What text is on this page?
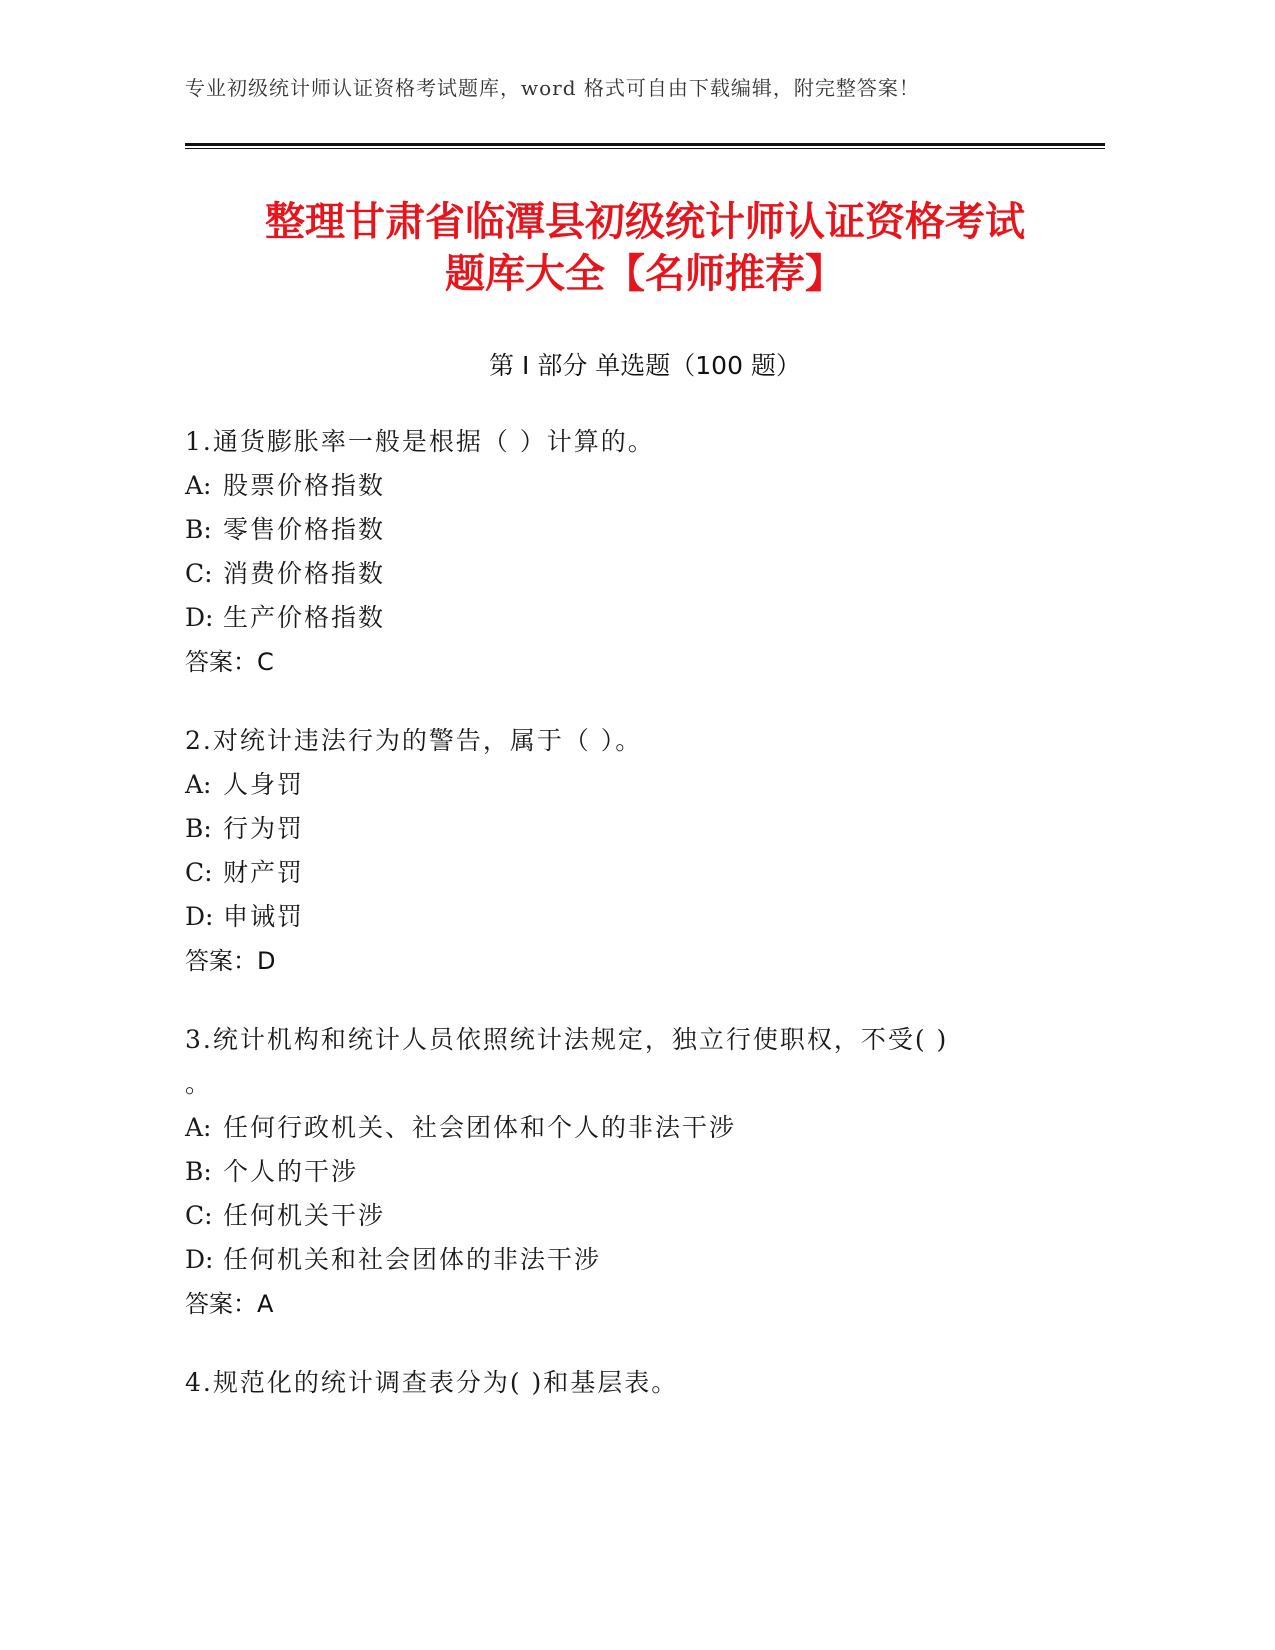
专业初级统计师认证资格考试题库，word 格式可自由下载编辑，附完整答案！
整理甘肃省临潭县初级统计师认证资格考试
题库大全【名师推荐】
第 I 部分 单选题（100 题）
1.通货膨胀率一般是根据（ ）计算的。
A: 股票价格指数
B: 零售价格指数
C: 消费价格指数
D: 生产价格指数
答案：C
2.对统计违法行为的警告，属于（ ）。
A: 人身罚
B: 行为罚
C: 财产罚
D: 申诫罚
答案：D
3.统计机构和统计人员依照统计法规定，独立行使职权，不受( )
。
A: 任何行政机关、社会团体和个人的非法干涉
B: 个人的干涉
C: 任何机关干涉
D: 任何机关和社会团体的非法干涉
答案：A
4.规范化的统计调查表分为( )和基层表。
